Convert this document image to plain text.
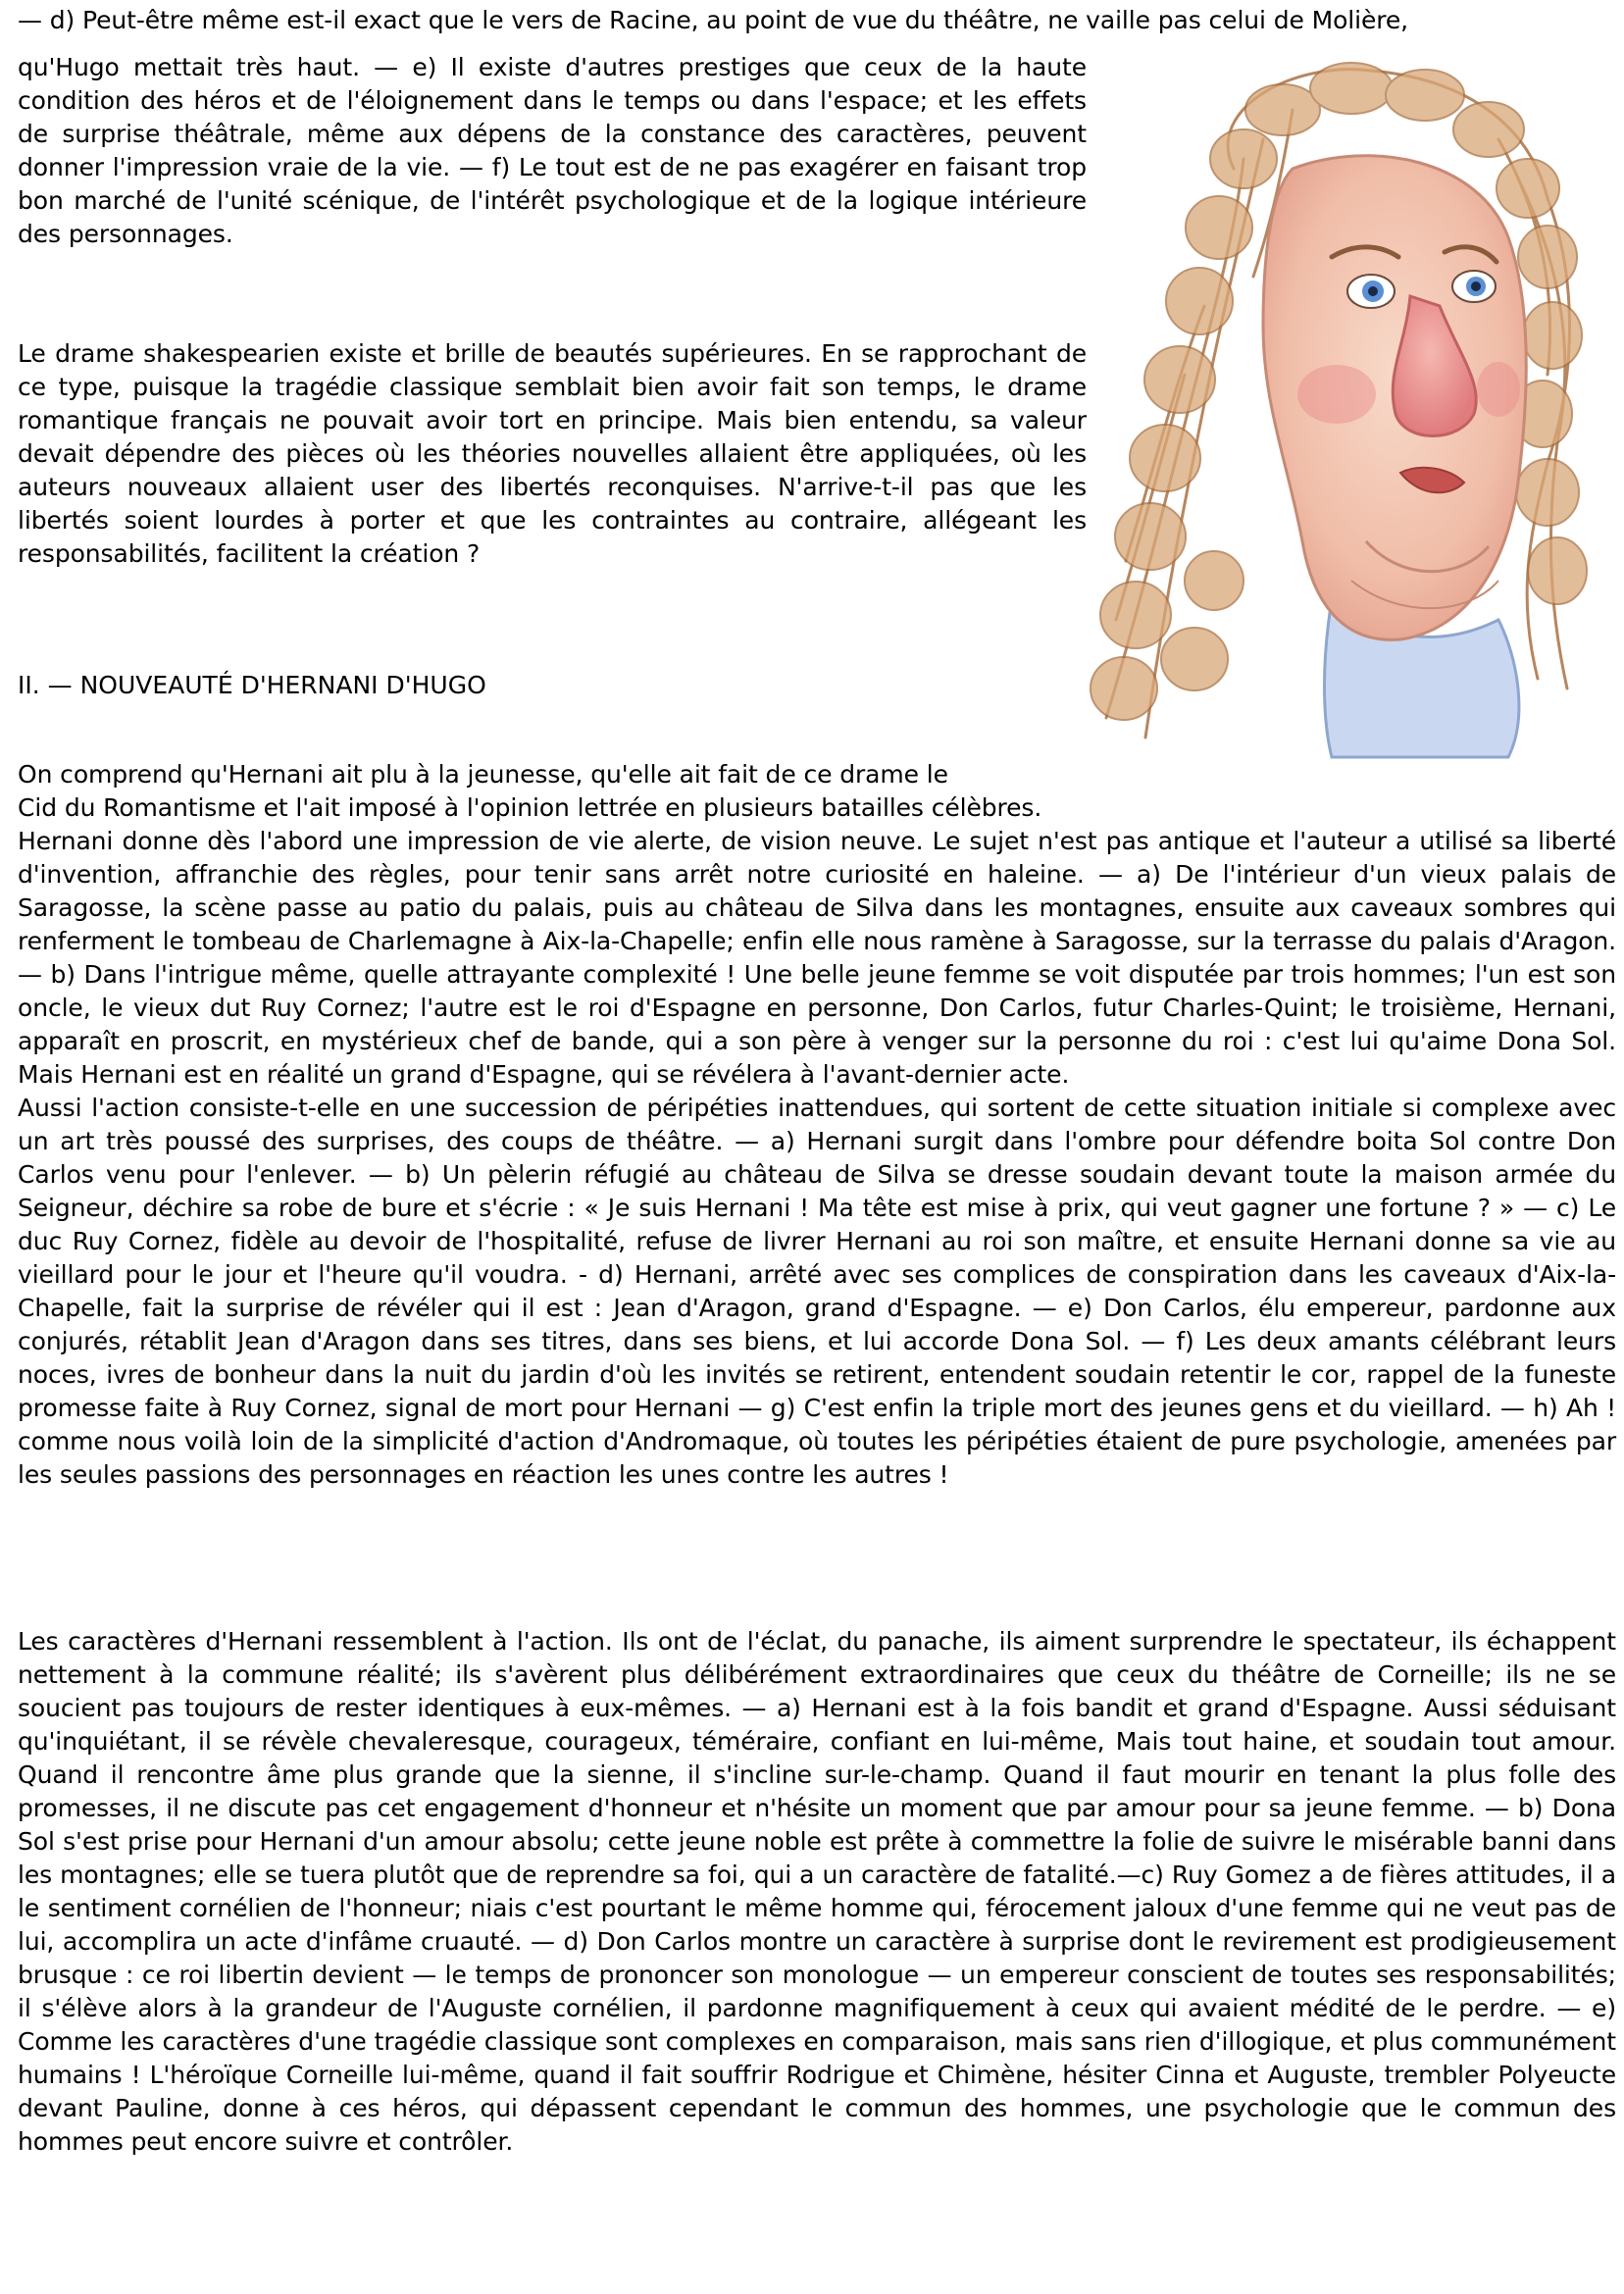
— d) Peut-être même est-il exact que le vers de Racine, au point de vue du théâtre, ne vaille pas celui de Molière,

qu'Hugo mettait très haut. — e) Il existe d'autres prestiges que ceux de la haute condition des héros et de l'éloignement dans le temps ou dans l'espace; et les effets de surprise théâtrale, même aux dépens de la constance des caractères, peuvent donner l'impression vraie de la vie. — f) Le tout est de ne pas exagérer en faisant trop bon marché de l'unité scénique, de l'intérêt psychologique et de la logique intérieure des personnages.

Le drame shakespearien existe et brille de beautés supérieures. En se rapprochant de ce type, puisque la tragédie classique semblait bien avoir fait son temps, le drame romantique français ne pouvait avoir tort en principe. Mais bien entendu, sa valeur devait dépendre des pièces où les théories nouvelles allaient être appliquées, où les auteurs nouveaux allaient user des libertés reconquises. N'arrive-t-il pas que les libertés soient lourdes à porter et que les contraintes au contraire, allégeant les responsabilités, facilitent la création ?

II. — NOUVEAUTÉ D'HERNANI D'HUGO

On comprend qu'Hernani ait plu à la jeunesse, qu'elle ait fait de ce drame le

Cid du Romantisme et l'ait imposé à l'opinion lettrée en plusieurs batailles célèbres.

Hernani donne dès l'abord une impression de vie alerte, de vision neuve. Le sujet n'est pas antique et l'auteur a utilisé sa liberté d'invention, affranchie des règles, pour tenir sans arrêt notre curiosité en haleine. — a) De l'intérieur d'un vieux palais de Saragosse, la scène passe au patio du palais, puis au château de Silva dans les montagnes, ensuite aux caveaux sombres qui renferment le tombeau de Charlemagne à Aix-la-Chapelle; enfin elle nous ramène à Saragosse, sur la terrasse du palais d'Aragon. — b) Dans l'intrigue même, quelle attrayante complexité ! Une belle jeune femme se voit disputée par trois hommes; l'un est son oncle, le vieux dut Ruy Cornez; l'autre est le roi d'Espagne en personne, Don Carlos, futur Charles-Quint; le troisième, Hernani, apparaît en proscrit, en mystérieux chef de bande, qui a son père à venger sur la personne du roi : c'est lui qu'aime Dona Sol. Mais Hernani est en réalité un grand d'Espagne, qui se révélera à l'avant-dernier acte.

Aussi l'action consiste-t-elle en une succession de péripéties inattendues, qui sortent de cette situation initiale si complexe avec un art très poussé des surprises, des coups de théâtre. — a) Hernani surgit dans l'ombre pour défendre boita Sol contre Don Carlos venu pour l'enlever. — b) Un pèlerin réfugié au château de Silva se dresse soudain devant toute la maison armée du Seigneur, déchire sa robe de bure et s'écrie : « Je suis Hernani ! Ma tête est mise à prix, qui veut gagner une fortune ? » — c) Le duc Ruy Cornez, fidèle au devoir de l'hospitalité, refuse de livrer Hernani au roi son maître, et ensuite Hernani donne sa vie au vieillard pour le jour et l'heure qu'il voudra. - d) Hernani, arrêté avec ses complices de conspiration dans les caveaux d'Aix-la-Chapelle, fait la surprise de révéler qui il est : Jean d'Aragon, grand d'Espagne. — e) Don Carlos, élu empereur, pardonne aux conjurés, rétablit Jean d'Aragon dans ses titres, dans ses biens, et lui accorde Dona Sol. — f) Les deux amants célébrant leurs noces, ivres de bonheur dans la nuit du jardin d'où les invités se retirent, entendent soudain retentir le cor, rappel de la funeste promesse faite à Ruy Cornez, signal de mort pour Hernani — g) C'est enfin la triple mort des jeunes gens et du vieillard. — h) Ah ! comme nous voilà loin de la simplicité d'action d'Andromaque, où toutes les péripéties étaient de pure psychologie, amenées par les seules passions des personnages en réaction les unes contre les autres !

Les caractères d'Hernani ressemblent à l'action. Ils ont de l'éclat, du panache, ils aiment surprendre le spectateur, ils échappent nettement à la commune réalité; ils s'avèrent plus délibérément extraordinaires que ceux du théâtre de Corneille; ils ne se soucient pas toujours de rester identiques à eux-mêmes. — a) Hernani est à la fois bandit et grand d'Espagne. Aussi séduisant qu'inquiétant, il se révèle chevaleresque, courageux, téméraire, confiant en lui-même, Mais tout haine, et soudain tout amour. Quand il rencontre âme plus grande que la sienne, il s'incline sur-le-champ. Quand il faut mourir en tenant la plus folle des promesses, il ne discute pas cet engagement d'honneur et n'hésite un moment que par amour pour sa jeune femme. — b) Dona Sol s'est prise pour Hernani d'un amour absolu; cette jeune noble est prête à commettre la folie de suivre le misérable banni dans les montagnes; elle se tuera plutôt que de reprendre sa foi, qui a un caractère de fatalité.—c) Ruy Gomez a de fières attitudes, il a le sentiment cornélien de l'honneur; niais c'est pourtant le même homme qui, férocement jaloux d'une femme qui ne veut pas de lui, accomplira un acte d'infâme cruauté. — d) Don Carlos montre un caractère à surprise dont le revirement est prodigieusement brusque : ce roi libertin devient — le temps de prononcer son monologue — un empereur conscient de toutes ses responsabilités; il s'élève alors à la grandeur de l'Auguste cornélien, il pardonne magnifiquement à ceux qui avaient médité de le perdre. — e) Comme les caractères d'une tragédie classique sont complexes en comparaison, mais sans rien d'illogique, et plus communément humains ! L'héroïque Corneille lui-même, quand il fait souffrir Rodrigue et Chimène, hésiter Cinna et Auguste, trembler Polyeucte devant Pauline, donne à ces héros, qui dépassent cependant le commun des hommes, une psychologie que le commun des hommes peut encore suivre et contrôler.
